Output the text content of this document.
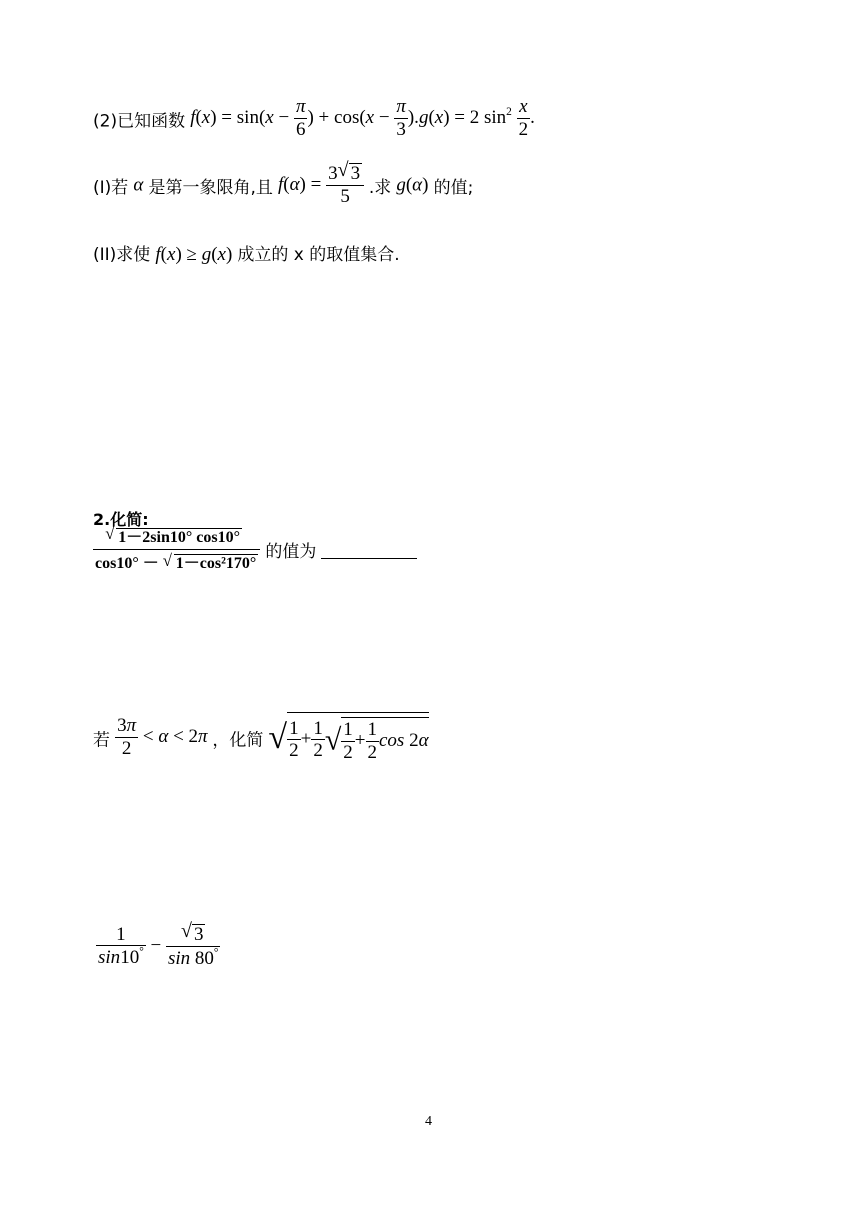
(2)已知函数 $f(x) = \sin(x - \frac{\pi}{6}$ ) + $\cos(x - \frac{\pi}{3} ).g(x) = 2$ $\sin^2 \frac{x}{2}$ .
(I)若 α 是第一象限角,且 $f(\alpha) = \frac{3 √ 3}{5}$ .求 g(α) 的值;
(II)求使 f(x) ≥ g(x) 成立的 x 的取值集合.
2.化简:
$\frac{√ 1-2\sin 10^\circ \cos 10^\circ}{\text{cos10° － √ 1－cos²170°}}$ 的值为
若 $\frac{3\pi}{2} < \alpha < 2\pi$ ，化简 √ $\frac{1}{2} + \frac{1}{2}$ √ $\frac{1}{2} + \frac{1}{2}$ cos 2α
$\frac{1}{\sin 10^\circ} - \frac{√ 3}{\sin 80^\circ}$
4
